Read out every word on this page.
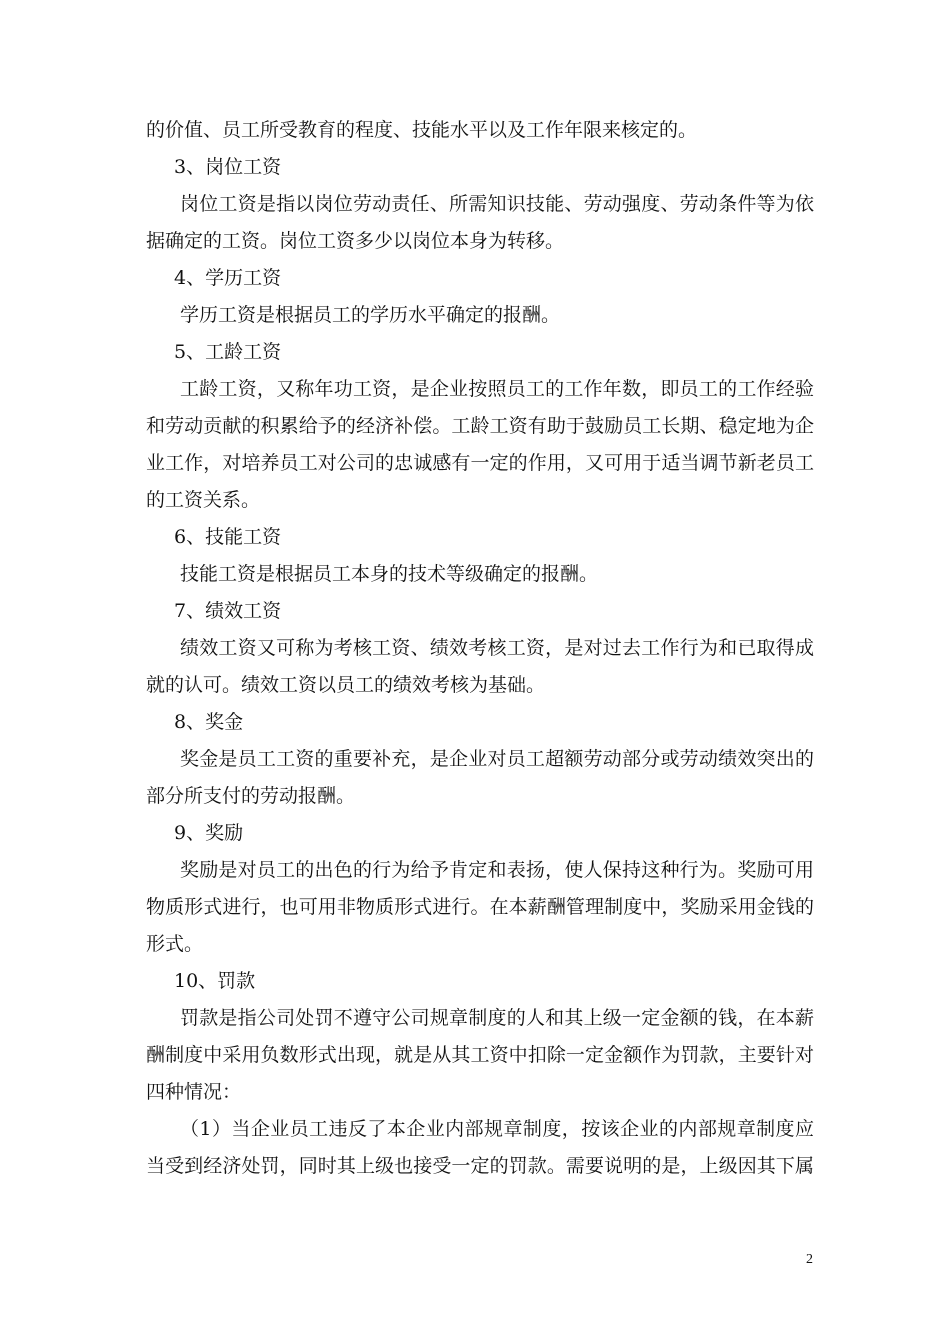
的价值、员工所受教育的程度、技能水平以及工作年限来核定的。
3、岗位工资
岗位工资是指以岗位劳动责任、所需知识技能、劳动强度、劳动条件等为依
据确定的工资。岗位工资多少以岗位本身为转移。
4、学历工资
学历工资是根据员工的学历水平确定的报酬。
5、工龄工资
工龄工资，又称年功工资，是企业按照员工的工作年数，即员工的工作经验
和劳动贡献的积累给予的经济补偿。工龄工资有助于鼓励员工长期、稳定地为企
业工作，对培养员工对公司的忠诚感有一定的作用，又可用于适当调节新老员工
的工资关系。
6、技能工资
技能工资是根据员工本身的技术等级确定的报酬。
7、绩效工资
绩效工资又可称为考核工资、绩效考核工资，是对过去工作行为和已取得成
就的认可。绩效工资以员工的绩效考核为基础。
8、奖金
奖金是员工工资的重要补充，是企业对员工超额劳动部分或劳动绩效突出的
部分所支付的劳动报酬。
9、奖励
奖励是对员工的出色的行为给予肯定和表扬，使人保持这种行为。奖励可用
物质形式进行，也可用非物质形式进行。在本薪酬管理制度中，奖励采用金钱的
形式。
10、罚款
罚款是指公司处罚不遵守公司规章制度的人和其上级一定金额的钱，在本薪
酬制度中采用负数形式出现，就是从其工资中扣除一定金额作为罚款，主要针对
四种情况：
（1）当企业员工违反了本企业内部规章制度，按该企业的内部规章制度应
当受到经济处罚，同时其上级也接受一定的罚款。需要说明的是，上级因其下属
2
